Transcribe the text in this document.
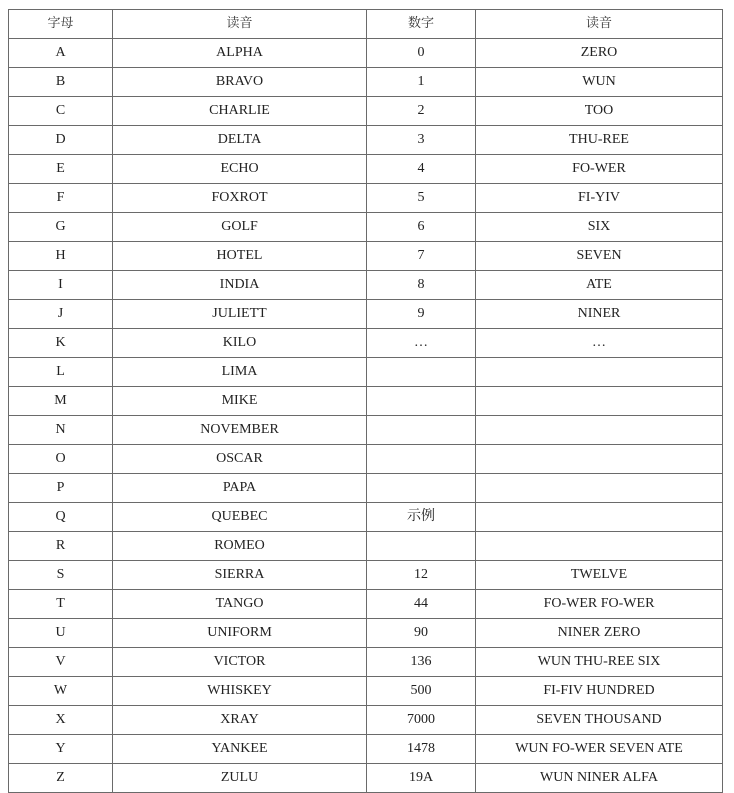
字母	读音	数字	读音
A	ALPHA	0	ZERO
B	BRAVO	1	WUN
C	CHARLIE	2	TOO
D	DELTA	3	THU-REE
E	ECHO	4	FO-WER
F	FOXROT	5	FI-YIV
G	GOLF	6	SIX
H	HOTEL	7	SEVEN
I	INDIA	8	ATE
J	JULIETT	9	NINER
K	KILO	…	…
L	LIMA		
M	MIKE		
N	NOVEMBER		
O	OSCAR		
P	PAPA		
Q	QUEBEC	示例	
R	ROMEO		
S	SIERRA	12	TWELVE
T	TANGO	44	FO-WER FO-WER
U	UNIFORM	90	NINER ZERO
V	VICTOR	136	WUN THU-REE SIX
W	WHISKEY	500	FI-FIV HUNDRED
X	XRAY	7000	SEVEN THOUSAND
Y	YANKEE	1478	WUN FO-WER SEVEN ATE
Z	ZULU	19A	WUN NINER ALFA
